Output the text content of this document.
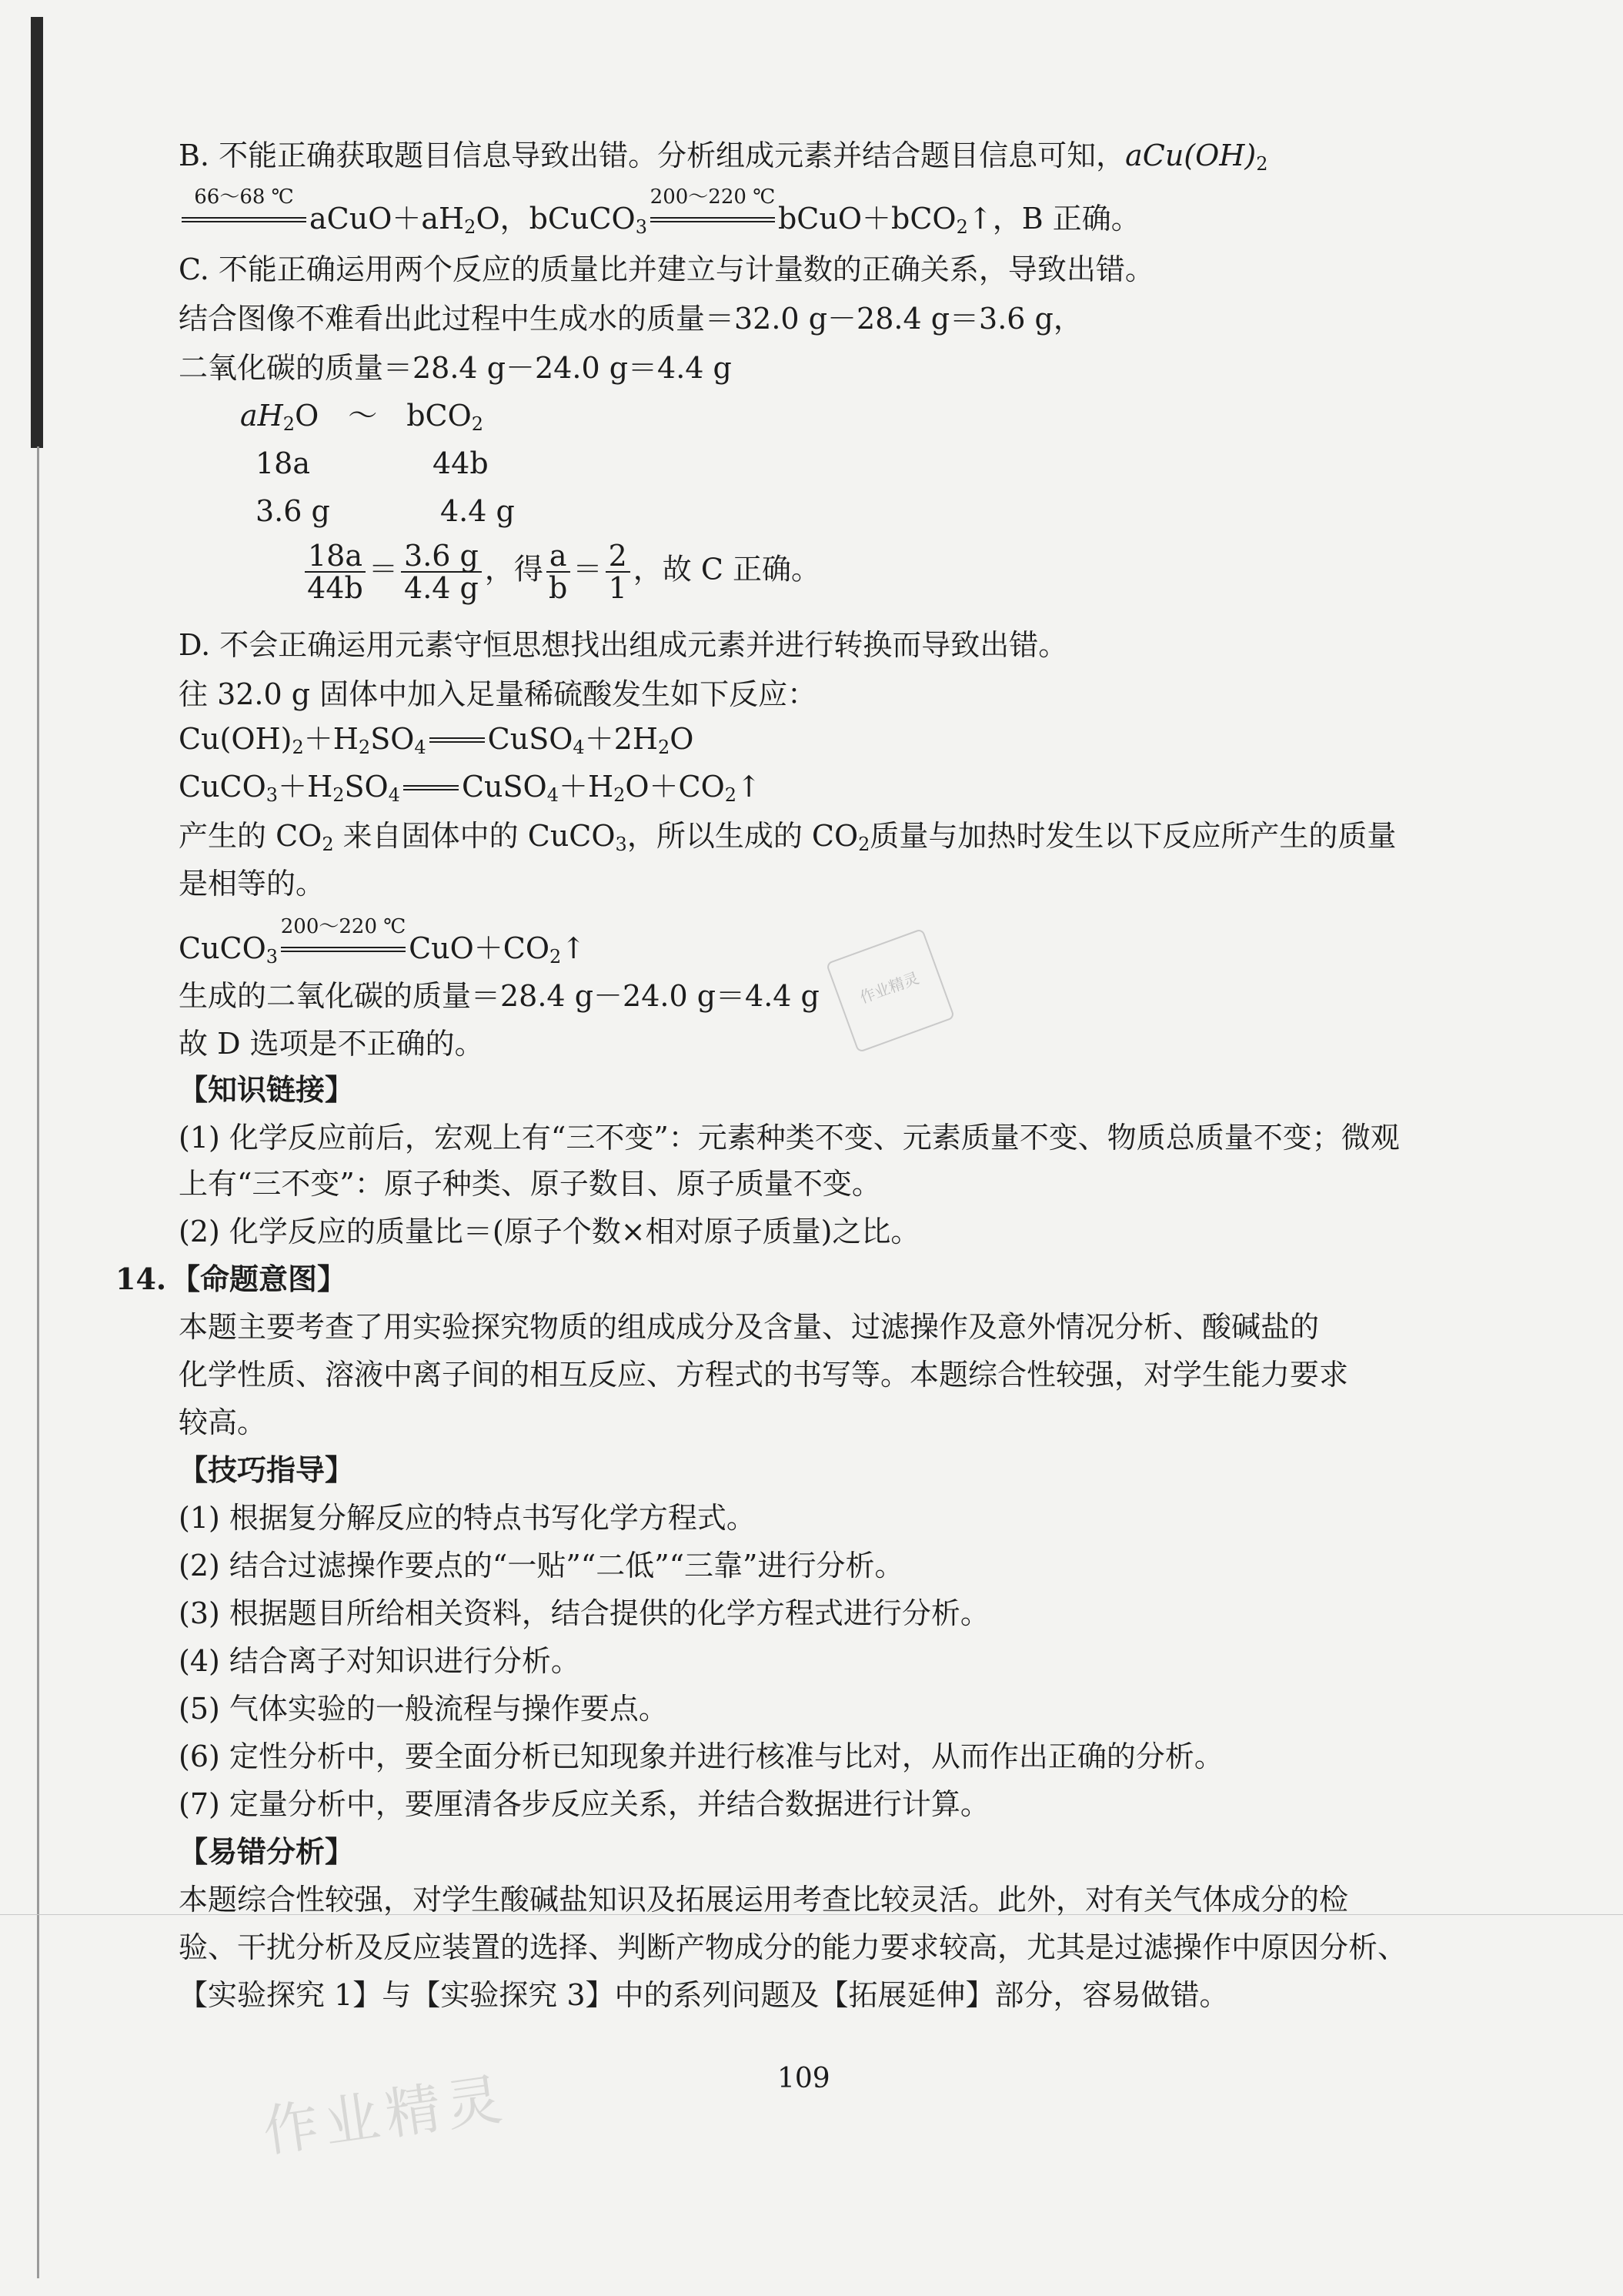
B. 不能正确获取题目信息导致出错。分析组成元素并结合题目信息可知，$aCu(OH)_2$
66～68 ℃
$aCuO+aH_2O$，bCuCO$_3$
200～220 ℃
bCuO＋bCO$_2$↑，B 正确。
C. 不能正确运用两个反应的质量比并建立与计量数的正确关系，导致出错。
结合图像不难看出此过程中生成水的质量＝32.0 g－28.4 g＝3.6 g，
二氧化碳的质量＝28.4 g－24.0 g＝4.4 g
$aH_2O$　～　bCO$_2$
18a	44b
3.6 g	4.4 g
$\frac{18a}{44b} = \frac{3.6 g}{4.4 g}$ ，得 $\frac{a}{b} = \frac{2}{1}$ ，故 C 正确。
D. 不会正确运用元素守恒思想找出组成元素并进行转换而导致出错。
往 32.0 g 固体中加入足量稀硫酸发生如下反应：
$Cu(OH)_2+H_2SO_4$ $CuSO_4+2H_2O$
$CuCO_3+H_2SO_4$ $CuSO_4+H_2O+CO_2↑$
产生的 $CO_2$ 来自固体中的 CuCO$_3$，所以生成的 $CO_2$质量与加热时发生以下反应所产生的质量
是相等的。
CuCO$_3$
200～220 ℃
$CuO+CO_2↑$
生成的二氧化碳的质量＝28.4 g－24.0 g＝4.4 g
故 D 选项是不正确的。
作业精灵
【知识链接】
(1) 化学反应前后，宏观上有“三不变”：元素种类不变、元素质量不变、物质总质量不变；微观
上有“三不变”：原子种类、原子数目、原子质量不变。
(2) 化学反应的质量比＝(原子个数×相对原子质量)之比。
14. 【命题意图】
本题主要考查了用实验探究物质的组成成分及含量、过滤操作及意外情况分析、酸碱盐的
化学性质、溶液中离子间的相互反应、方程式的书写等。本题综合性较强，对学生能力要求
较高。
【技巧指导】
(1) 根据复分解反应的特点书写化学方程式。
(2) 结合过滤操作要点的“一贴”“二低”“三靠”进行分析。
(3) 根据题目所给相关资料，结合提供的化学方程式进行分析。
(4) 结合离子对知识进行分析。
(5) 气体实验的一般流程与操作要点。
(6) 定性分析中，要全面分析已知现象并进行核准与比对，从而作出正确的分析。
(7) 定量分析中，要厘清各步反应关系，并结合数据进行计算。
【易错分析】
本题综合性较强，对学生酸碱盐知识及拓展运用考查比较灵活。此外，对有关气体成分的检
验、干扰分析及反应装置的选择、判断产物成分的能力要求较高，尤其是过滤操作中原因分析、
【实验探究 1】与【实验探究 3】中的系列问题及【拓展延伸】部分，容易做错。
作业精灵	109
